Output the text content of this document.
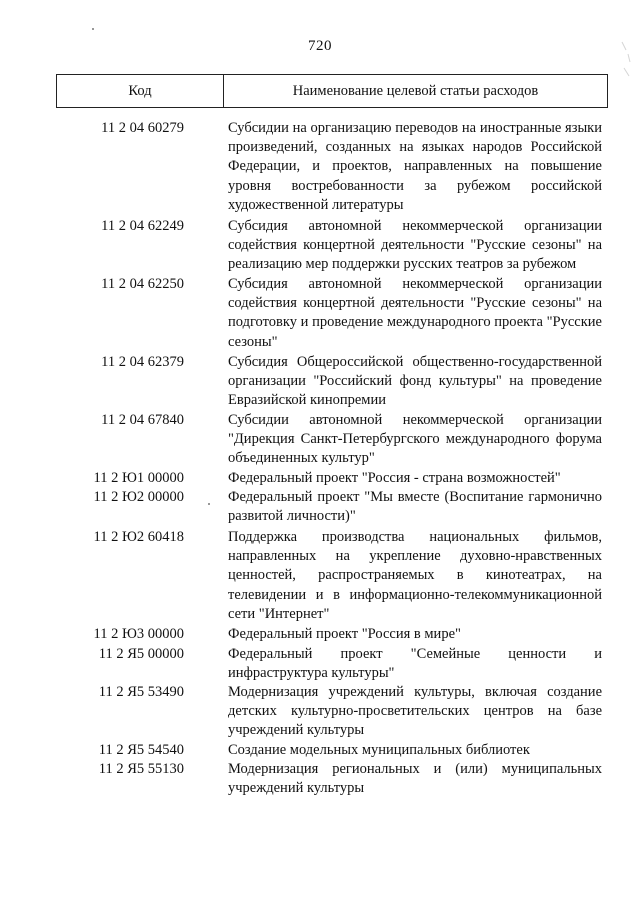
720
Код	Наименование целевой статьи расходов
11 2 04 60279	Субсидии на организацию переводов на иностранные языки произведений, созданных на языках народов Российской Федерации, и проектов, направленных на повышение уровня востребованности за рубежом российской художественной литературы
11 2 04 62249	Субсидия автономной некоммерческой организации содействия концертной деятельности "Русские сезоны" на реализацию мер поддержки русских театров за рубежом
11 2 04 62250	Субсидия автономной некоммерческой организации содействия концертной деятельности "Русские сезоны" на подготовку и проведение международного проекта "Русские сезоны"
11 2 04 62379	Субсидия Общероссийской общественно-государственной организации "Российский фонд культуры" на проведение Евразийской кинопремии
11 2 04 67840	Субсидии автономной некоммерческой организации "Дирекция Санкт-Петербургского международного форума объединенных культур"
11 2 Ю1 00000	Федеральный проект "Россия - страна возможностей"
11 2 Ю2 00000	Федеральный проект "Мы вместе (Воспитание гармонично развитой личности)"
11 2 Ю2 60418	Поддержка производства национальных фильмов, направленных на укрепление духовно-нравственных ценностей, распространяемых в кинотеатрах, на телевидении и в информационно-телекоммуникационной сети "Интернет"
11 2 Ю3 00000	Федеральный проект "Россия в мире"
11 2 Я5 00000	Федеральный проект "Семейные ценности и инфраструктура культуры"
11 2 Я5 53490	Модернизация учреждений культуры, включая создание детских культурно-просветительских центров на базе учреждений культуры
11 2 Я5 54540	Создание модельных муниципальных библиотек
11 2 Я5 55130	Модернизация региональных и (или) муниципальных учреждений культуры
